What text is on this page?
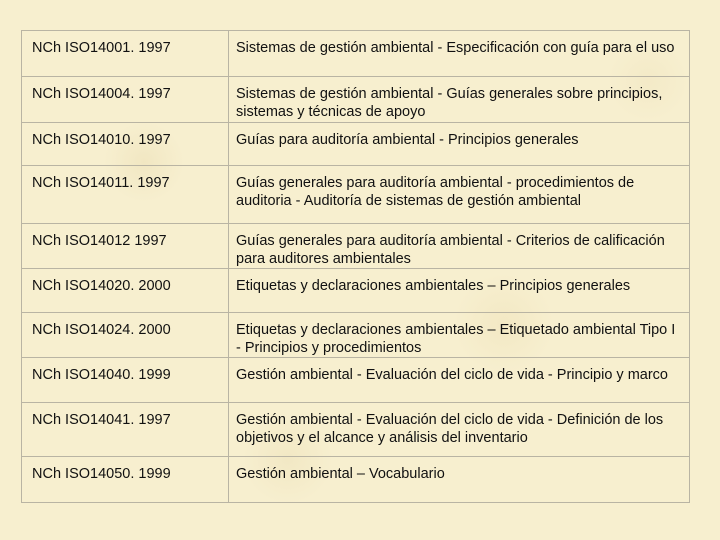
NCh ISO14001. 1997	Sistemas de gestión ambiental - Especificación con guía para el uso
NCh ISO14004. 1997	Sistemas de gestión ambiental - Guías generales sobre principios, sistemas y técnicas de apoyo
NCh ISO14010. 1997	Guías para auditoría ambiental - Principios generales
NCh ISO14011. 1997	Guías generales para auditoría ambiental - procedimientos de auditoria - Auditoría de sistemas de gestión ambiental
NCh ISO14012 1997	Guías generales para auditoría ambiental - Criterios de calificación para auditores ambientales
NCh ISO14020. 2000	Etiquetas y declaraciones ambientales – Principios generales
NCh ISO14024. 2000	Etiquetas y declaraciones ambientales – Etiquetado ambiental Tipo I - Principios y procedimientos
NCh ISO14040. 1999	Gestión ambiental - Evaluación del ciclo de vida - Principio y marco
NCh ISO14041. 1997	Gestión ambiental - Evaluación del ciclo de vida - Definición de los objetivos y el alcance y análisis del inventario
NCh ISO14050. 1999	Gestión ambiental – Vocabulario
